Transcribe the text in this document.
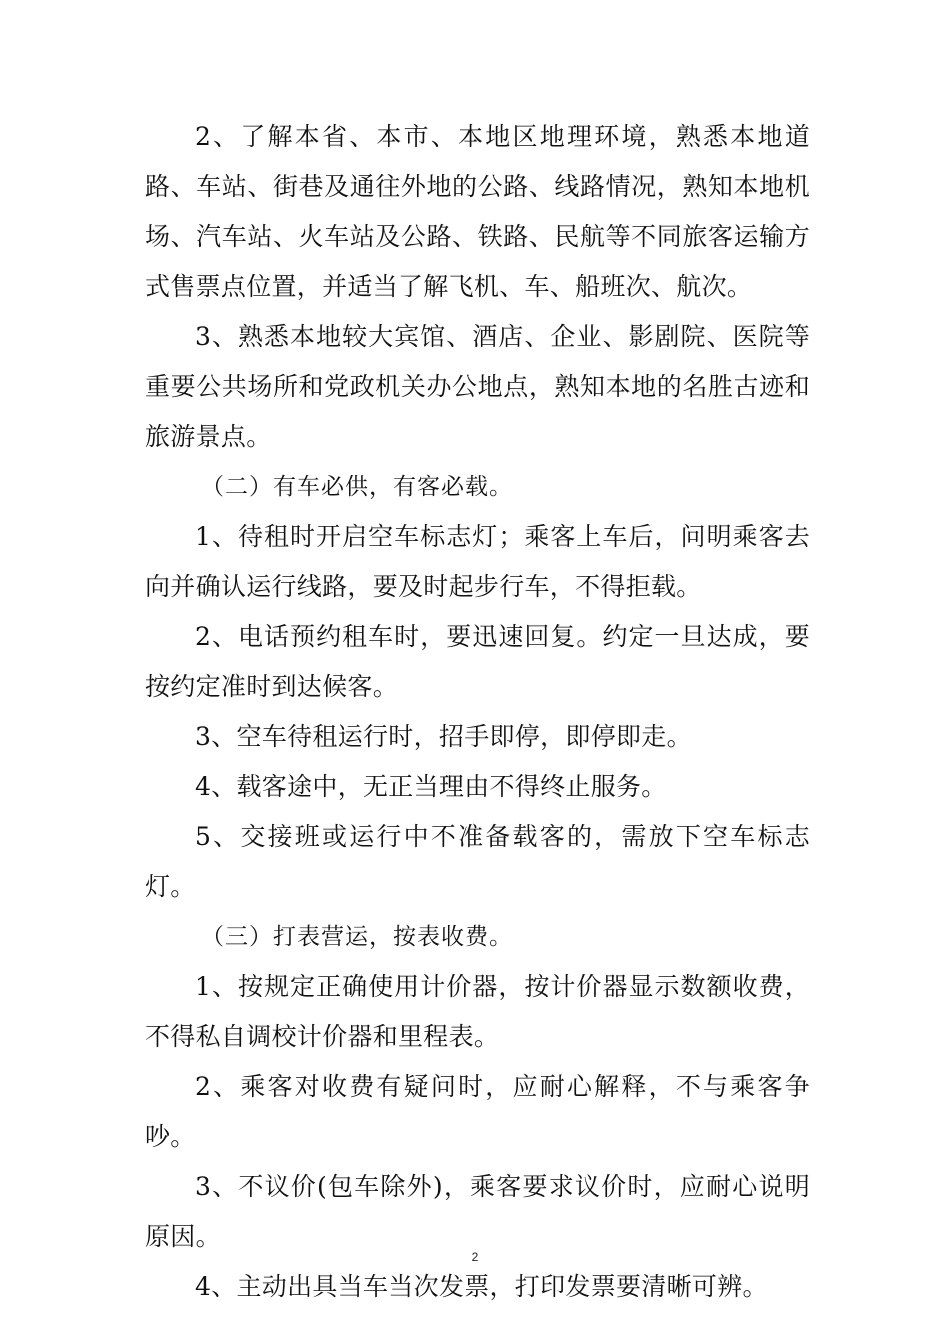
2、了解本省、本市、本地区地理环境，熟悉本地道路、车站、街巷及通往外地的公路、线路情况，熟知本地机场、汽车站、火车站及公路、铁路、民航等不同旅客运输方式售票点位置，并适当了解飞机、车、船班次、航次。

3、熟悉本地较大宾馆、酒店、企业、影剧院、医院等重要公共场所和党政机关办公地点，熟知本地的名胜古迹和旅游景点。

（二）有车必供，有客必载。

1、待租时开启空车标志灯；乘客上车后，问明乘客去向并确认运行线路，要及时起步行车，不得拒载。

2、电话预约租车时，要迅速回复。约定一旦达成，要按约定准时到达候客。

3、空车待租运行时，招手即停，即停即走。

4、载客途中，无正当理由不得终止服务。

5、交接班或运行中不准备载客的，需放下空车标志灯。

（三）打表营运，按表收费。

1、按规定正确使用计价器，按计价器显示数额收费，不得私自调校计价器和里程表。

2、乘客对收费有疑问时，应耐心解释，不与乘客争吵。

3、不议价(包车除外)，乘客要求议价时，应耐心说明原因。

4、主动出具当车当次发票，打印发票要清晰可辨。

2
